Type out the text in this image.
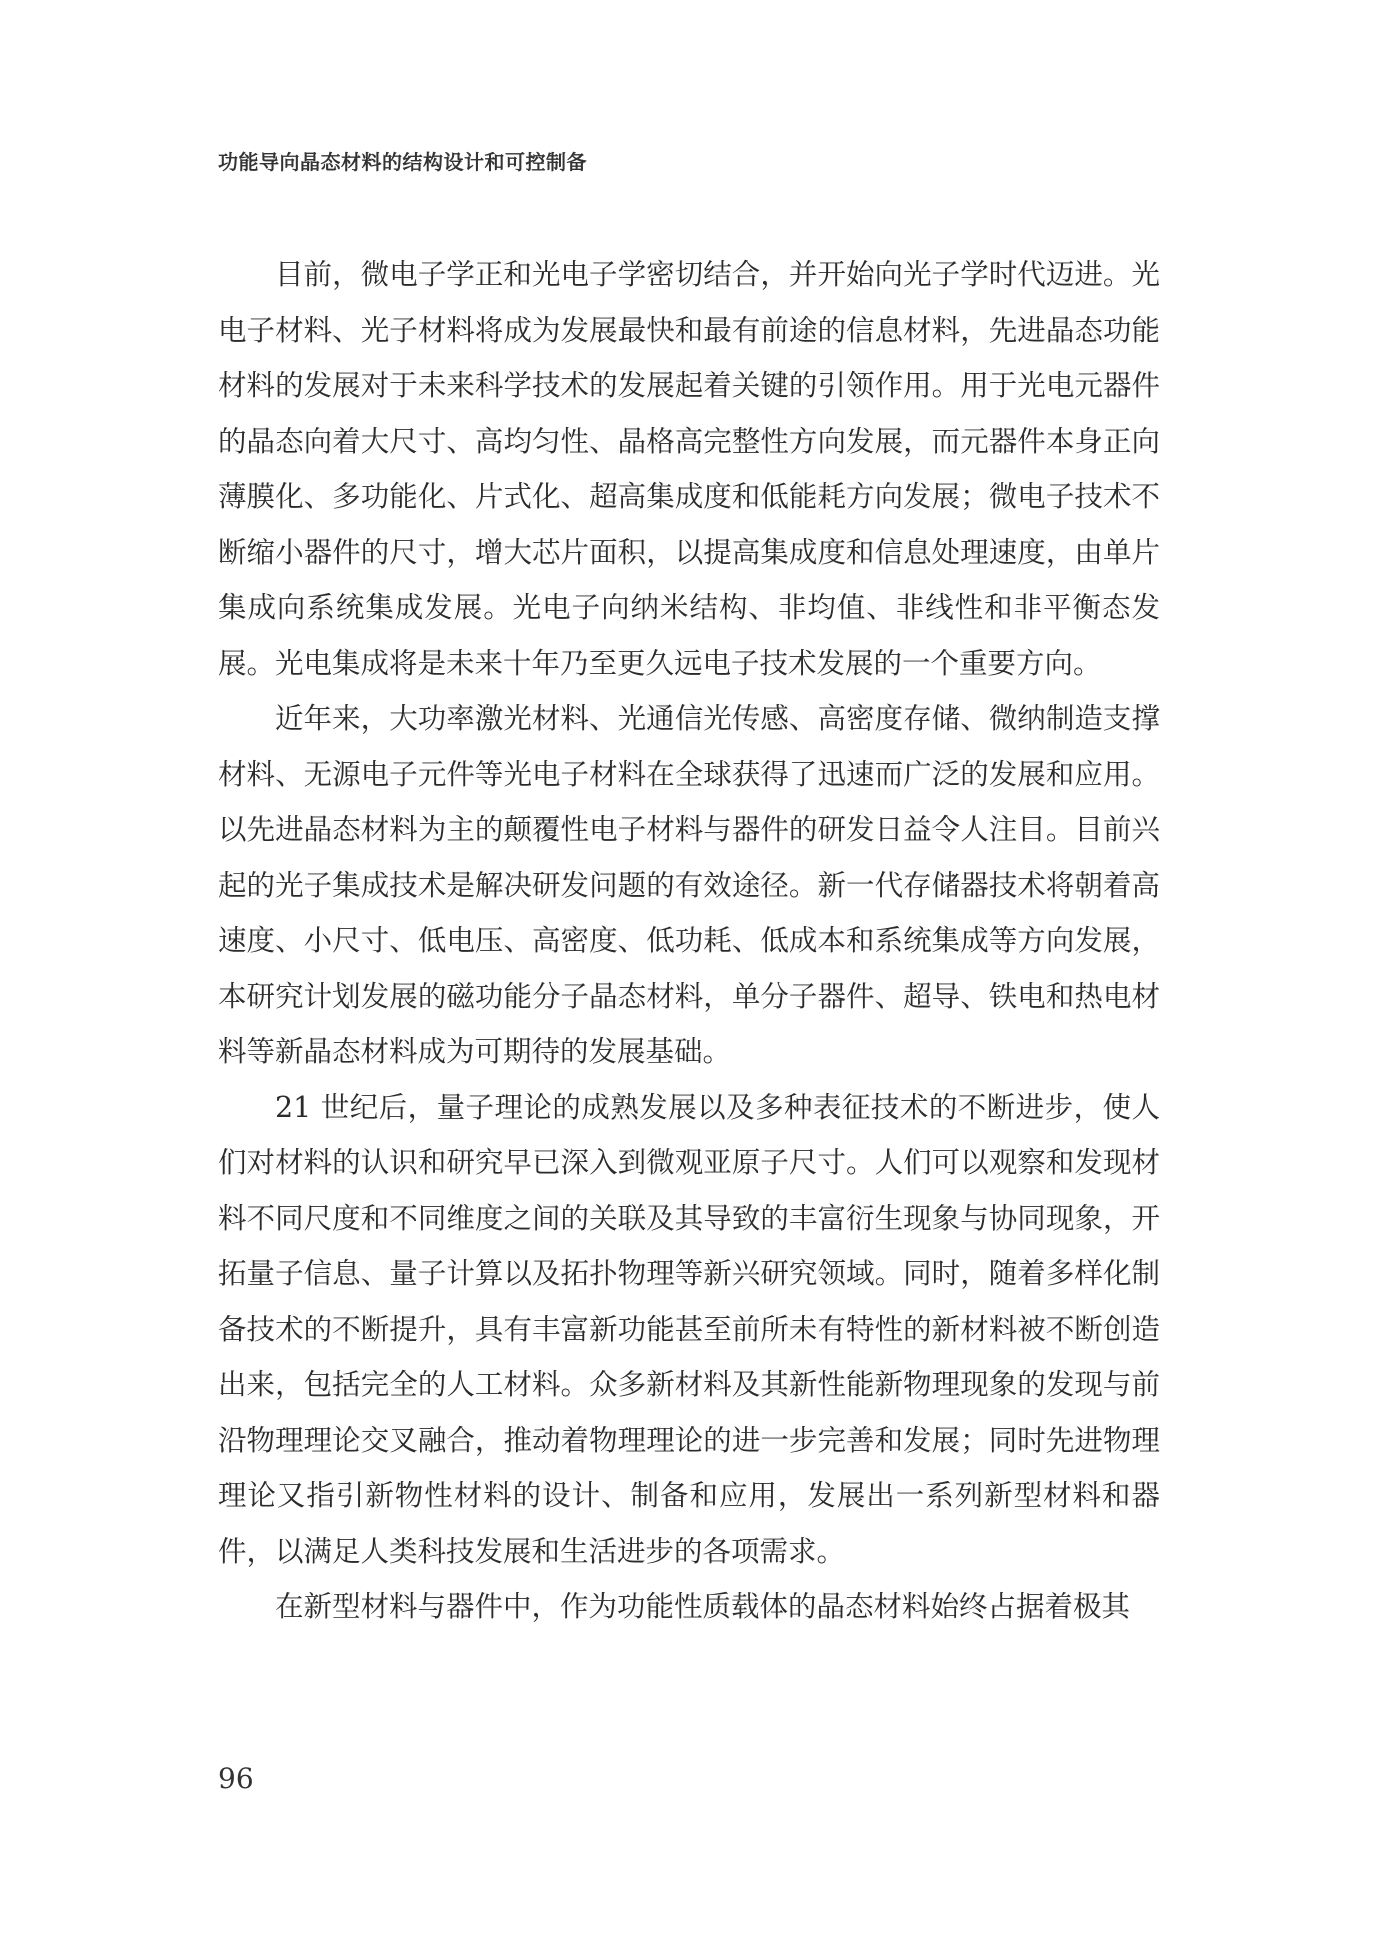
功能导向晶态材料的结构设计和可控制备

目前，微电子学正和光电子学密切结合，并开始向光子学时代迈进。光电子材料、光子材料将成为发展最快和最有前途的信息材料，先进晶态功能材料的发展对于未来科学技术的发展起着关键的引领作用。用于光电元器件的晶态向着大尺寸、高均匀性、晶格高完整性方向发展，而元器件本身正向薄膜化、多功能化、片式化、超高集成度和低能耗方向发展；微电子技术不断缩小器件的尺寸，增大芯片面积，以提高集成度和信息处理速度，由单片集成向系统集成发展。光电子向纳米结构、非均值、非线性和非平衡态发展。光电集成将是未来十年乃至更久远电子技术发展的一个重要方向。

近年来，大功率激光材料、光通信光传感、高密度存储、微纳制造支撑材料、无源电子元件等光电子材料在全球获得了迅速而广泛的发展和应用。以先进晶态材料为主的颠覆性电子材料与器件的研发日益令人注目。目前兴起的光子集成技术是解决研发问题的有效途径。新一代存储器技术将朝着高速度、小尺寸、低电压、高密度、低功耗、低成本和系统集成等方向发展，本研究计划发展的磁功能分子晶态材料，单分子器件、超导、铁电和热电材料等新晶态材料成为可期待的发展基础。

21 世纪后，量子理论的成熟发展以及多种表征技术的不断进步，使人们对材料的认识和研究早已深入到微观亚原子尺寸。人们可以观察和发现材料不同尺度和不同维度之间的关联及其导致的丰富衍生现象与协同现象，开拓量子信息、量子计算以及拓扑物理等新兴研究领域。同时，随着多样化制备技术的不断提升，具有丰富新功能甚至前所未有特性的新材料被不断创造出来，包括完全的人工材料。众多新材料及其新性能新物理现象的发现与前沿物理理论交叉融合，推动着物理理论的进一步完善和发展；同时先进物理理论又指引新物性材料的设计、制备和应用，发展出一系列新型材料和器件，以满足人类科技发展和生活进步的各项需求。

在新型材料与器件中，作为功能性质载体的晶态材料始终占据着极其

96
